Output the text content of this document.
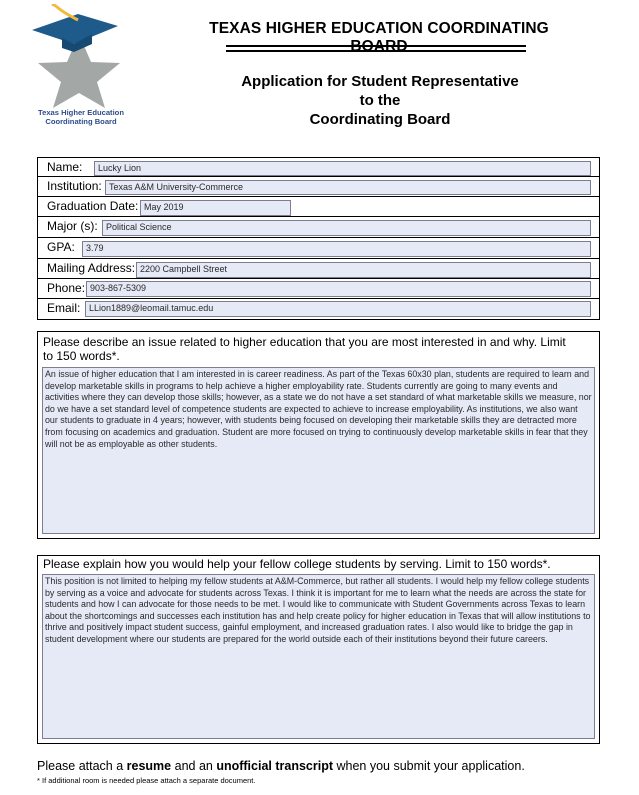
Texas Higher Education
Coordinating Board
TEXAS HIGHER EDUCATION COORDINATING
Application for Student Representative
to the
Coordinating Board
Name:	Lucky Lion
Institution: Texas A&M University-Commerce
Graduation Date: May 2019
Major (s): Political Science
GPA:	3.79
Mailing Address: 2200 Campbell Street
Phone: 903-867-5309
Email: LLion1889@leomail.tamuc.edu
Please describe an issue related to higher education that you are most interested in and why. Limit
to 150 words*.
An issue of higher education that I am interested in is career readiness. As part of the Texas 60x30 plan, students are required to learn and develop marketable skills in programs to help achieve a higher employability rate. Students currently are going to many events and activities where they can develop those skills; however, as a state we do not have a set standard of what marketable skills we measure, nor do we have a set standard level of competence students are expected to achieve to increase employability. As institutions, we also want our students to graduate in 4 years; however, with students being focused on developing their marketable skills they are detracted more from focusing on academics and graduation. Student are more focused on trying to continuously develop marketable skills in fear that they will not be as employable as other students.
Please explain how you would help your fellow college students by serving. Limit to 150 words*.
This position is not limited to helping my fellow students at A&M-Commerce, but rather all students. I would help my fellow college students by serving as a voice and advocate for students across Texas. I think it is important for me to learn what the needs are across the state for students and how I can advocate for those needs to be met. I would like to communicate with Student Governments across Texas to learn about the shortcomings and successes each institution has and help create policy for higher education in Texas that will allow institutions to thrive and positively impact student success, gainful employment, and increased graduation rates. I also would like to bridge the gap in student development where our students are prepared for the world outside each of their institutions beyond their future careers.
Please attach a resume and an unofficial transcript when you submit your application.
* If additional room is needed please attach a separate document.
